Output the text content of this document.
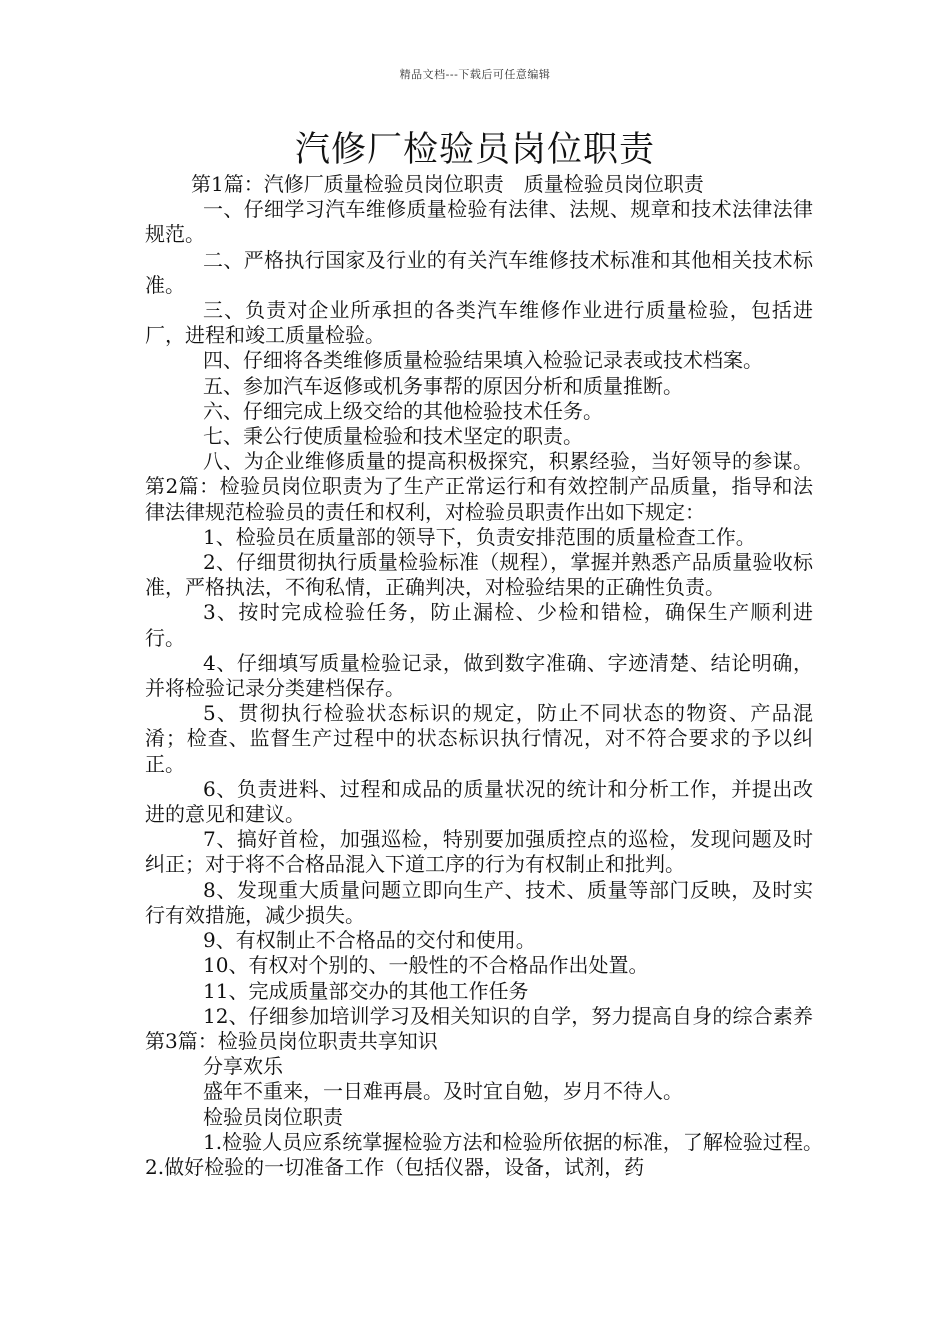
精品文档---下载后可任意编辑
汽修厂检验员岗位职责

第1篇：汽修厂质量检验员岗位职责　质量检验员岗位职责

一、仔细学习汽车维修质量检验有法律、法规、规章和技术法律法律规范。

二、严格执行国家及行业的有关汽车维修技术标准和其他相关技术标准。

三、负责对企业所承担的各类汽车维修作业进行质量检验，包括进厂，进程和竣工质量检验。

四、仔细将各类维修质量检验结果填入检验记录表或技术档案。

五、参加汽车返修或机务事帮的原因分析和质量推断。

六、仔细完成上级交给的其他检验技术任务。

七、秉公行使质量检验和技术坚定的职责。

八、为企业维修质量的提高积极探究，积累经验，当好领导的参谋。第2篇：检验员岗位职责为了生产正常运行和有效控制产品质量，指导和法律法律规范检验员的责任和权利，对检验员职责作出如下规定：

1、检验员在质量部的领导下，负责安排范围的质量检查工作。

2、仔细贯彻执行质量检验标准（规程），掌握并熟悉产品质量验收标准，严格执法，不徇私情，正确判决，对检验结果的正确性负责。

3、按时完成检验任务，防止漏检、少检和错检，确保生产顺利进行。

4、仔细填写质量检验记录，做到数字准确、字迹清楚、结论明确，并将检验记录分类建档保存。

5、贯彻执行检验状态标识的规定，防止不同状态的物资、产品混淆；检查、监督生产过程中的状态标识执行情况，对不符合要求的予以纠正。

6、负责进料、过程和成品的质量状况的统计和分析工作，并提出改进的意见和建议。

7、搞好首检，加强巡检，特别要加强质控点的巡检，发现问题及时纠正；对于将不合格品混入下道工序的行为有权制止和批判。

8、发现重大质量问题立即向生产、技术、质量等部门反映，及时实行有效措施，减少损失。

9、有权制止不合格品的交付和使用。

10、有权对个别的、一般性的不合格品作出处置。

11、完成质量部交办的其他工作任务

12、仔细参加培训学习及相关知识的自学，努力提高自身的综合素养第3篇：检验员岗位职责共享知识

分享欢乐

盛年不重来，一日难再晨。及时宜自勉，岁月不待人。

检验员岗位职责

1.检验人员应系统掌握检验方法和检验所依据的标准，了解检验过程。　2.做好检验的一切准备工作（包括仪器，设备，试剂，药
